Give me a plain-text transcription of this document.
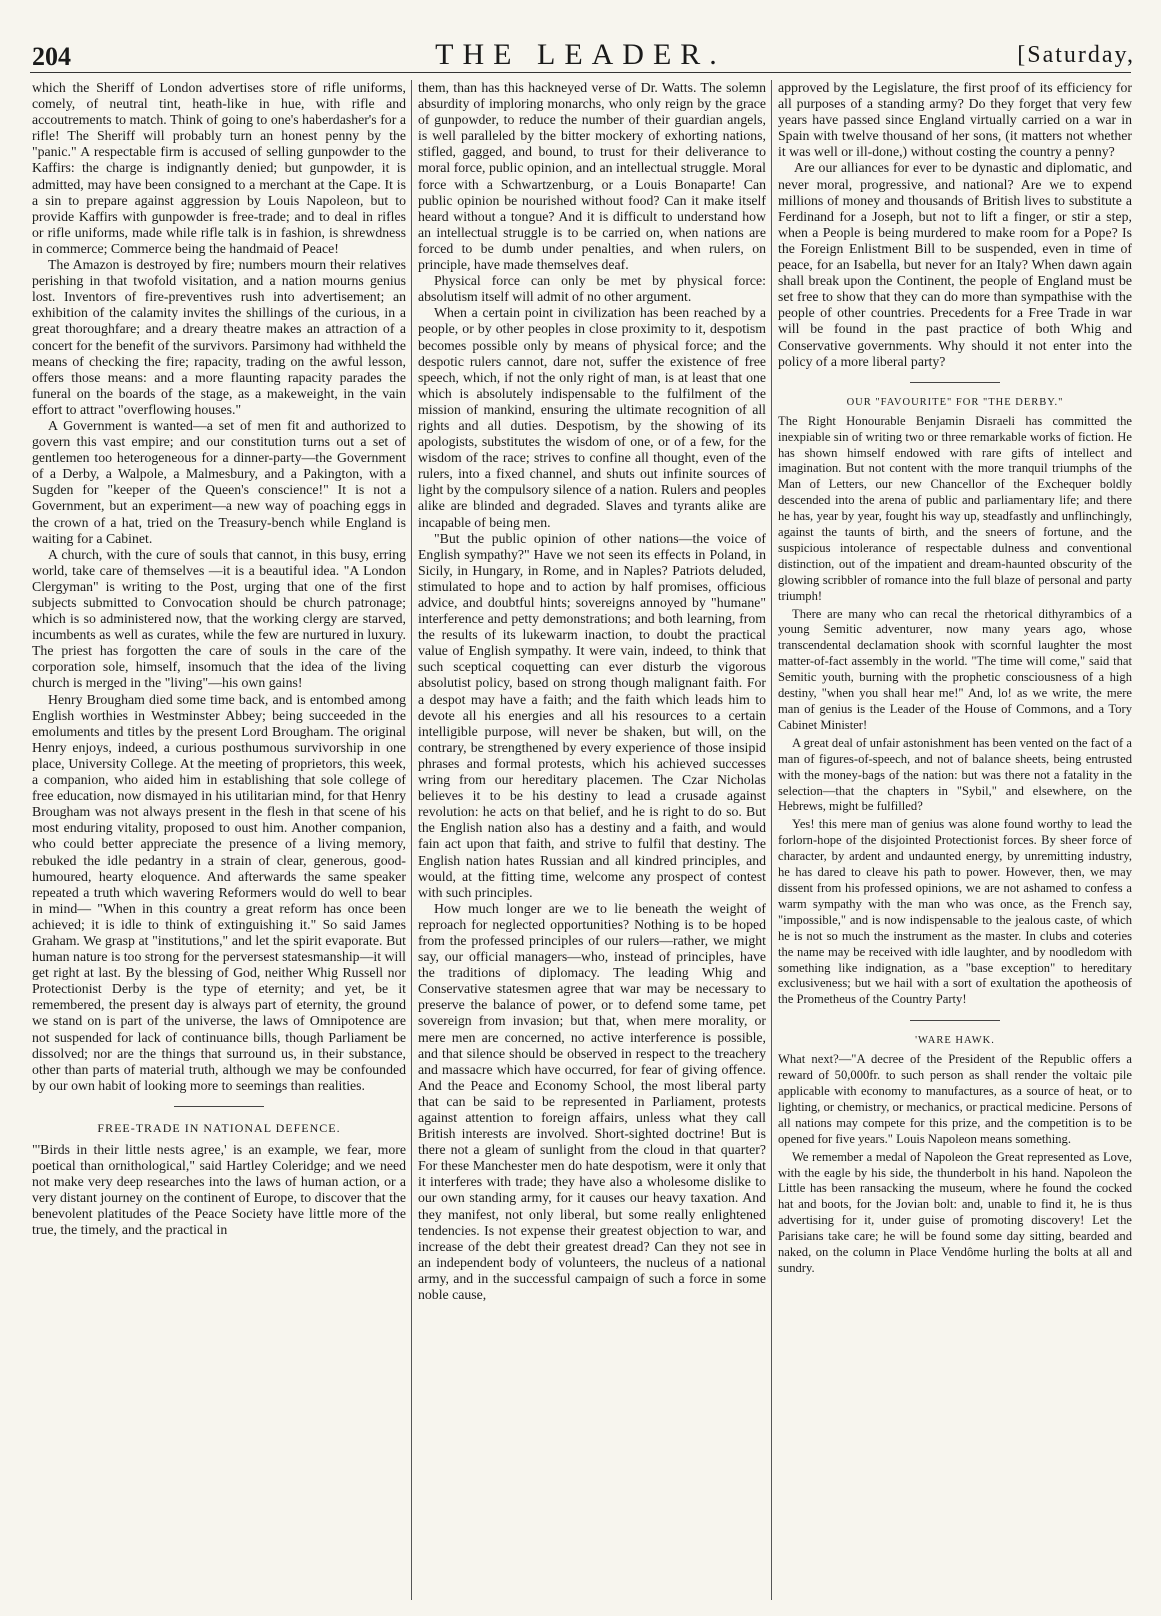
204	THE LEADER.	[Saturday,

which the Sheriff of London advertises store of rifle uniforms, comely, of neutral tint, heath-like in hue, with rifle and accoutrements to match. Think of going to one's haberdasher's for a rifle! The Sheriff will probably turn an honest penny by the "panic." A respectable firm is accused of selling gunpowder to the Kaffirs: the charge is indignantly denied; but gunpowder, it is admitted, may have been consigned to a merchant at the Cape. It is a sin to prepare against aggression by Louis Napoleon, but to provide Kaffirs with gunpowder is free-trade; and to deal in rifles or rifle uniforms, made while rifle talk is in fashion, is shrewdness in commerce; Commerce being the handmaid of Peace!

The Amazon is destroyed by fire; numbers mourn their relatives perishing in that twofold visitation, and a nation mourns genius lost. Inventors of fire-preventives rush into advertisement; an exhibition of the calamity invites the shillings of the curious, in a great thoroughfare; and a dreary theatre makes an attraction of a concert for the benefit of the survivors. Parsimony had withheld the means of checking the fire; rapacity, trading on the awful lesson, offers those means: and a more flaunting rapacity parades the funeral on the boards of the stage, as a makeweight, in the vain effort to attract "overflowing houses."

A Government is wanted—a set of men fit and authorized to govern this vast empire; and our constitution turns out a set of gentlemen too heterogeneous for a dinner-party—the Government of a Derby, a Walpole, a Malmesbury, and a Pakington, with a Sugden for "keeper of the Queen's conscience!" It is not a Government, but an experiment—a new way of poaching eggs in the crown of a hat, tried on the Treasury-bench while England is waiting for a Cabinet.

A church, with the cure of souls that cannot, in this busy, erring world, take care of themselves —it is a beautiful idea. "A London Clergyman" is writing to the Post, urging that one of the first subjects submitted to Convocation should be church patronage; which is so administered now, that the working clergy are starved, incumbents as well as curates, while the few are nurtured in luxury. The priest has forgotten the care of souls in the care of the corporation sole, himself, insomuch that the idea of the living church is merged in the "living"—his own gains!

Henry Brougham died some time back, and is entombed among English worthies in Westminster Abbey; being succeeded in the emoluments and titles by the present Lord Brougham. The original Henry enjoys, indeed, a curious posthumous survivorship in one place, University College. At the meeting of proprietors, this week, a companion, who aided him in establishing that sole college of free education, now dismayed in his utilitarian mind, for that Henry Brougham was not always present in the flesh in that scene of his most enduring vitality, proposed to oust him. Another companion, who could better appreciate the presence of a living memory, rebuked the idle pedantry in a strain of clear, generous, good-humoured, hearty eloquence. And afterwards the same speaker repeated a truth which wavering Reformers would do well to bear in mind— "When in this country a great reform has once been achieved; it is idle to think of extinguishing it." So said James Graham. We grasp at "institutions," and let the spirit evaporate. But human nature is too strong for the perversest statesmanship—it will get right at last. By the blessing of God, neither Whig Russell nor Protectionist Derby is the type of eternity; and yet, be it remembered, the present day is always part of eternity, the ground we stand on is part of the universe, the laws of Omnipotence are not suspended for lack of continuance bills, though Parliament be dissolved; nor are the things that surround us, in their substance, other than parts of material truth, although we may be confounded by our own habit of looking more to seemings than realities.

FREE-TRADE IN NATIONAL DEFENCE.

"'Birds in their little nests agree,' is an example, we fear, more poetical than ornithological," said Hartley Coleridge; and we need not make very deep researches into the laws of human action, or a very distant journey on the continent of Europe, to discover that the benevolent platitudes of the Peace Society have little more of the true, the timely, and the practical in

them, than has this hackneyed verse of Dr. Watts. The solemn absurdity of imploring monarchs, who only reign by the grace of gunpowder, to reduce the number of their guardian angels, is well paralleled by the bitter mockery of exhorting nations, stifled, gagged, and bound, to trust for their deliverance to moral force, public opinion, and an intellectual struggle. Moral force with a Schwartzenburg, or a Louis Bonaparte! Can public opinion be nourished without food? Can it make itself heard without a tongue? And it is difficult to understand how an intellectual struggle is to be carried on, when nations are forced to be dumb under penalties, and when rulers, on principle, have made themselves deaf.

Physical force can only be met by physical force: absolutism itself will admit of no other argument.

When a certain point in civilization has been reached by a people, or by other peoples in close proximity to it, despotism becomes possible only by means of physical force; and the despotic rulers cannot, dare not, suffer the existence of free speech, which, if not the only right of man, is at least that one which is absolutely indispensable to the fulfilment of the mission of mankind, ensuring the ultimate recognition of all rights and all duties. Despotism, by the showing of its apologists, substitutes the wisdom of one, or of a few, for the wisdom of the race; strives to confine all thought, even of the rulers, into a fixed channel, and shuts out infinite sources of light by the compulsory silence of a nation. Rulers and peoples alike are blinded and degraded. Slaves and tyrants alike are incapable of being men.

"But the public opinion of other nations—the voice of English sympathy?" Have we not seen its effects in Poland, in Sicily, in Hungary, in Rome, and in Naples? Patriots deluded, stimulated to hope and to action by half promises, officious advice, and doubtful hints; sovereigns annoyed by "humane" interference and petty demonstrations; and both learning, from the results of its lukewarm inaction, to doubt the practical value of English sympathy. It were vain, indeed, to think that such sceptical coquetting can ever disturb the vigorous absolutist policy, based on strong though malignant faith. For a despot may have a faith; and the faith which leads him to devote all his energies and all his resources to a certain intelligible purpose, will never be shaken, but will, on the contrary, be strengthened by every experience of those insipid phrases and formal protests, which his achieved successes wring from our hereditary placemen. The Czar Nicholas believes it to be his destiny to lead a crusade against revolution: he acts on that belief, and he is right to do so. But the English nation also has a destiny and a faith, and would fain act upon that faith, and strive to fulfil that destiny. The English nation hates Russian and all kindred principles, and would, at the fitting time, welcome any prospect of contest with such principles.

How much longer are we to lie beneath the weight of reproach for neglected opportunities? Nothing is to be hoped from the professed principles of our rulers—rather, we might say, our official managers—who, instead of principles, have the traditions of diplomacy. The leading Whig and Conservative statesmen agree that war may be necessary to preserve the balance of power, or to defend some tame, pet sovereign from invasion; but that, when mere morality, or mere men are concerned, no active interference is possible, and that silence should be observed in respect to the treachery and massacre which have occurred, for fear of giving offence. And the Peace and Economy School, the most liberal party that can be said to be represented in Parliament, protests against attention to foreign affairs, unless what they call British interests are involved. Short-sighted doctrine! But is there not a gleam of sunlight from the cloud in that quarter? For these Manchester men do hate despotism, were it only that it interferes with trade; they have also a wholesome dislike to our own standing army, for it causes our heavy taxation. And they manifest, not only liberal, but some really enlightened tendencies. Is not expense their greatest objection to war, and increase of the debt their greatest dread? Can they not see in an independent body of volunteers, the nucleus of a national army, and in the successful campaign of such a force in some noble cause,

approved by the Legislature, the first proof of its efficiency for all purposes of a standing army? Do they forget that very few years have passed since England virtually carried on a war in Spain with twelve thousand of her sons, (it matters not whether it was well or ill-done,) without costing the country a penny?

Are our alliances for ever to be dynastic and diplomatic, and never moral, progressive, and national? Are we to expend millions of money and thousands of British lives to substitute a Ferdinand for a Joseph, but not to lift a finger, or stir a step, when a People is being murdered to make room for a Pope? Is the Foreign Enlistment Bill to be suspended, even in time of peace, for an Isabella, but never for an Italy? When dawn again shall break upon the Continent, the people of England must be set free to show that they can do more than sympathise with the people of other countries. Precedents for a Free Trade in war will be found in the past practice of both Whig and Conservative governments. Why should it not enter into the policy of a more liberal party?

OUR "FAVOURITE" FOR "THE DERBY."

The Right Honourable Benjamin Disraeli has committed the inexpiable sin of writing two or three remarkable works of fiction. He has shown himself endowed with rare gifts of intellect and imagination. But not content with the more tranquil triumphs of the Man of Letters, our new Chancellor of the Exchequer boldly descended into the arena of public and parliamentary life; and there he has, year by year, fought his way up, steadfastly and unflinchingly, against the taunts of birth, and the sneers of fortune, and the suspicious intolerance of respectable dulness and conventional distinction, out of the impatient and dream-haunted obscurity of the glowing scribbler of romance into the full blaze of personal and party triumph!

There are many who can recal the rhetorical dithyrambics of a young Semitic adventurer, now many years ago, whose transcendental declamation shook with scornful laughter the most matter-of-fact assembly in the world. "The time will come," said that Semitic youth, burning with the prophetic consciousness of a high destiny, "when you shall hear me!" And, lo! as we write, the mere man of genius is the Leader of the House of Commons, and a Tory Cabinet Minister!

A great deal of unfair astonishment has been vented on the fact of a man of figures-of-speech, and not of balance sheets, being entrusted with the money-bags of the nation: but was there not a fatality in the selection—that the chapters in "Sybil," and elsewhere, on the Hebrews, might be fulfilled?

Yes! this mere man of genius was alone found worthy to lead the forlorn-hope of the disjointed Protectionist forces. By sheer force of character, by ardent and undaunted energy, by unremitting industry, he has dared to cleave his path to power. However, then, we may dissent from his professed opinions, we are not ashamed to confess a warm sympathy with the man who was once, as the French say, "impossible," and is now indispensable to the jealous caste, of which he is not so much the instrument as the master. In clubs and coteries the name may be received with idle laughter, and by noodledom with something like indignation, as a "base exception" to hereditary exclusiveness; but we hail with a sort of exultation the apotheosis of the Prometheus of the Country Party!

'WARE HAWK.

What next?—"A decree of the President of the Republic offers a reward of 50,000fr. to such person as shall render the voltaic pile applicable with economy to manufactures, as a source of heat, or to lighting, or chemistry, or mechanics, or practical medicine. Persons of all nations may compete for this prize, and the competition is to be opened for five years." Louis Napoleon means something.

We remember a medal of Napoleon the Great represented as Love, with the eagle by his side, the thunderbolt in his hand. Napoleon the Little has been ransacking the museum, where he found the cocked hat and boots, for the Jovian bolt: and, unable to find it, he is thus advertising for it, under guise of promoting discovery! Let the Parisians take care; he will be found some day sitting, bearded and naked, on the column in Place Vendôme hurling the bolts at all and sundry.
